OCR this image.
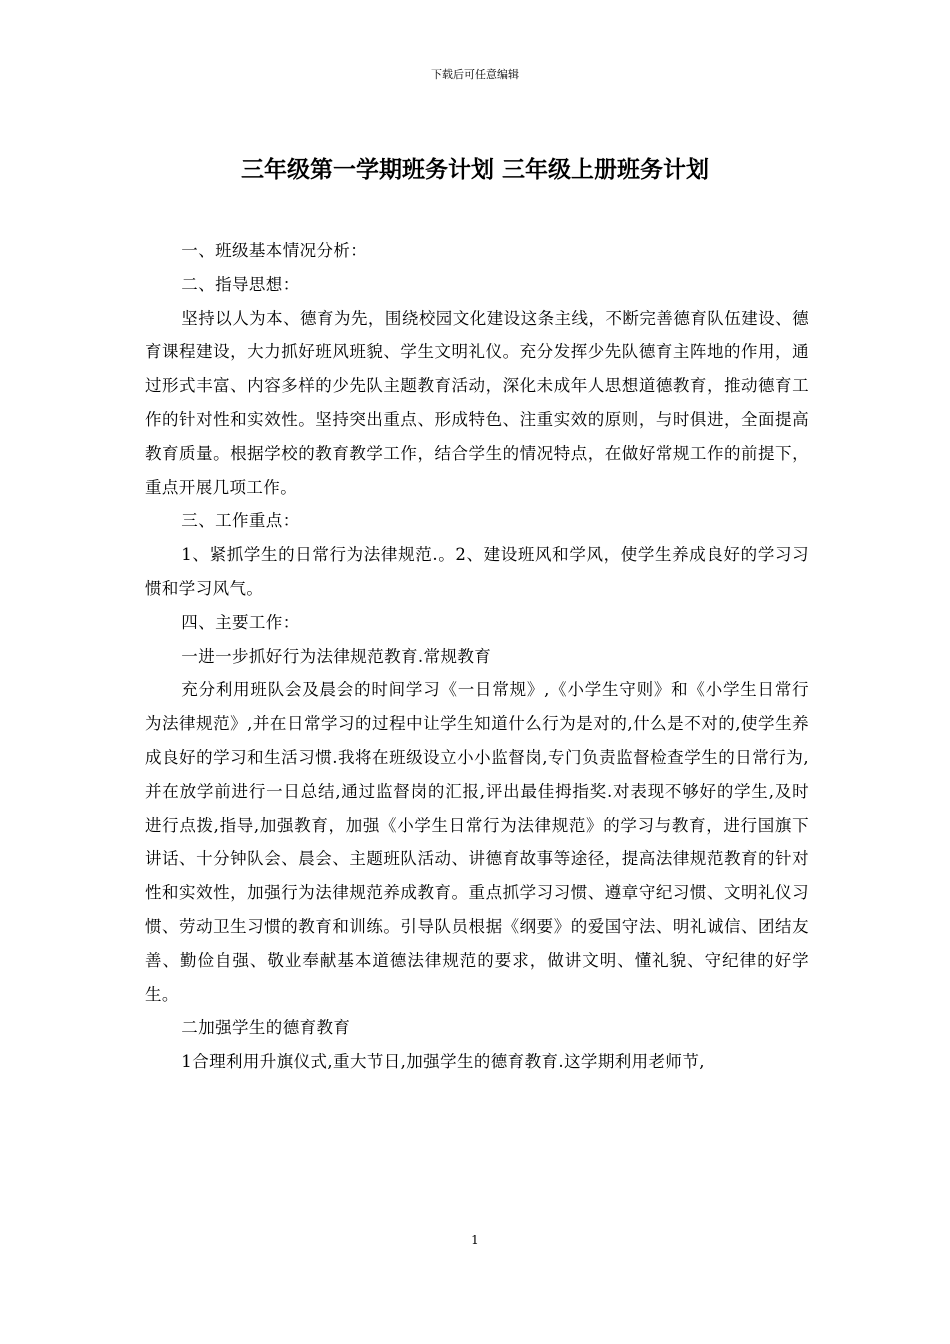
下载后可任意编辑
三年级第一学期班务计划 三年级上册班务计划

一、班级基本情况分析：

二、指导思想：

坚持以人为本、德育为先，围绕校园文化建设这条主线，不断完善德育队伍建设、德育课程建设，大力抓好班风班貌、学生文明礼仪。充分发挥少先队德育主阵地的作用，通过形式丰富、内容多样的少先队主题教育活动，深化未成年人思想道德教育，推动德育工作的针对性和实效性。坚持突出重点、形成特色、注重实效的原则，与时俱进，全面提高教育质量。根据学校的教育教学工作，结合学生的情况特点，在做好常规工作的前提下，重点开展几项工作。

三、工作重点：

1、紧抓学生的日常行为法律规范.。2、建设班风和学风，使学生养成良好的学习习惯和学习风气。

四、主要工作：

一进一步抓好行为法律规范教育.常规教育

充分利用班队会及晨会的时间学习《一日常规》,《小学生守则》和《小学生日常行为法律规范》,并在日常学习的过程中让学生知道什么行为是对的,什么是不对的,使学生养成良好的学习和生活习惯.我将在班级设立小小监督岗,专门负责监督检查学生的日常行为,并在放学前进行一日总结,通过监督岗的汇报,评出最佳拇指奖.对表现不够好的学生,及时进行点拨,指导,加强教育，加强《小学生日常行为法律规范》的学习与教育，进行国旗下讲话、十分钟队会、晨会、主题班队活动、讲德育故事等途径，提高法律规范教育的针对性和实效性，加强行为法律规范养成教育。重点抓学习习惯、遵章守纪习惯、文明礼仪习惯、劳动卫生习惯的教育和训练。引导队员根据《纲要》的爱国守法、明礼诚信、团结友善、勤俭自强、敬业奉献基本道德法律规范的要求，做讲文明、懂礼貌、守纪律的好学生。

二加强学生的德育教育

1合理利用升旗仪式,重大节日,加强学生的德育教育.这学期利用老师节,

1
